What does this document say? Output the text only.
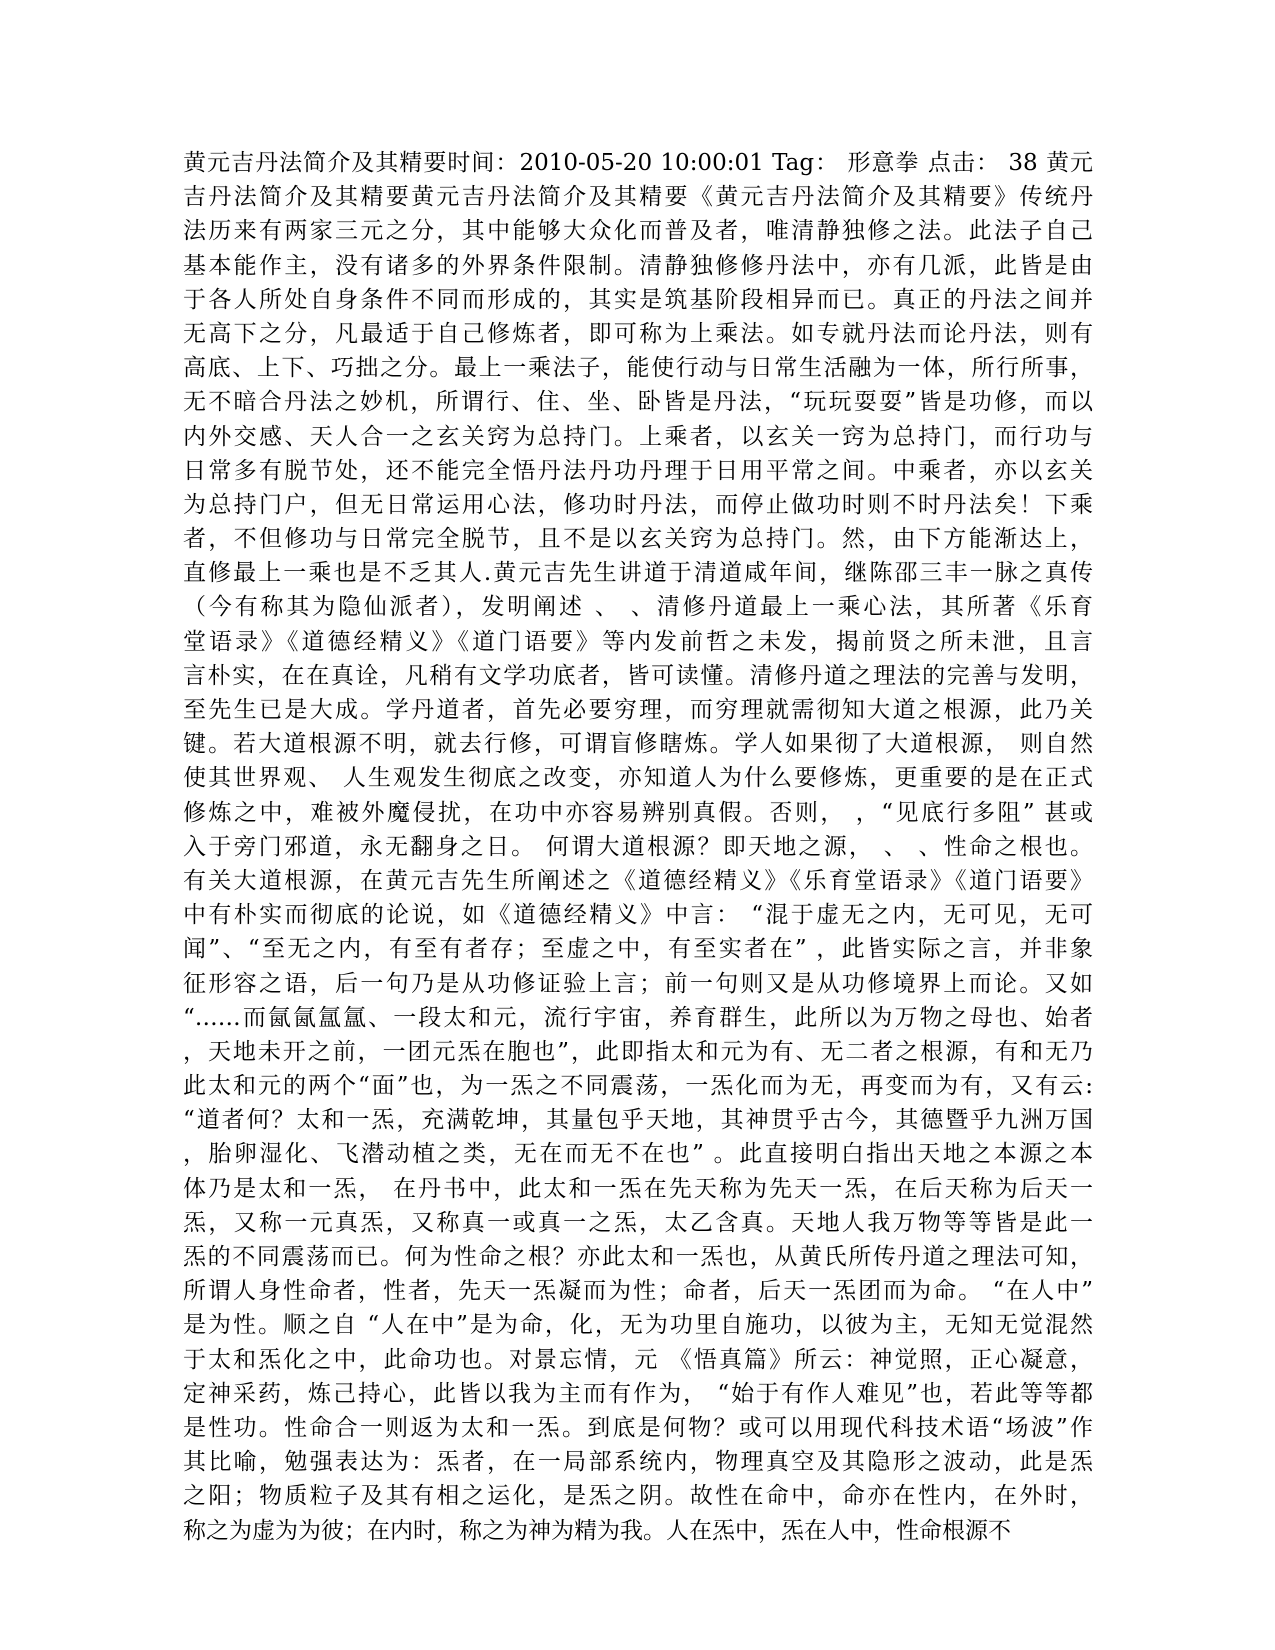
黄元吉丹法简介及其精要时间：2010-05-20 10:00:01 Tag： 形意拳 点击： 38 黄元
吉丹法简介及其精要黄元吉丹法简介及其精要《黄元吉丹法简介及其精要》传统丹
法历来有两家三元之分，其中能够大众化而普及者，唯清静独修之法。此法子自己
基本能作主，没有诸多的外界条件限制。清静独修修丹法中，亦有几派，此皆是由
于各人所处自身条件不同而形成的，其实是筑基阶段相异而已。真正的丹法之间并
无高下之分，凡最适于自己修炼者，即可称为上乘法。如专就丹法而论丹法，则有
高底、上下、巧拙之分。最上一乘法子，能使行动与日常生活融为一体，所行所事，
无不暗合丹法之妙机，所谓行、住、坐、卧皆是丹法，“玩玩耍耍”皆是功修，而以
内外交感、天人合一之玄关窍为总持门。上乘者，以玄关一窍为总持门，而行功与
日常多有脱节处，还不能完全悟丹法丹功丹理于日用平常之间。中乘者，亦以玄关
为总持门户，但无日常运用心法，修功时丹法，而停止做功时则不时丹法矣！下乘
者，不但修功与日常完全脱节，且不是以玄关窍为总持门。然，由下方能渐达上，
直修最上一乘也是不乏其人.黄元吉先生讲道于清道咸年间，继陈邵三丰一脉之真传
（今有称其为隐仙派者），发明阐述 、 、清修丹道最上一乘心法，其所著《乐育
堂语录》《道德经精义》《道门语要》等内发前哲之未发，揭前贤之所未泄，且言
言朴实，在在真诠，凡稍有文学功底者，皆可读懂。清修丹道之理法的完善与发明，
至先生已是大成。学丹道者，首先必要穷理，而穷理就需彻知大道之根源，此乃关
键。若大道根源不明，就去行修，可谓盲修瞎炼。学人如果彻了大道根源， 则自然
使其世界观、 人生观发生彻底之改变，亦知道人为什么要修炼，更重要的是在正式
修炼之中，难被外魔侵扰，在功中亦容易辨别真假。否则， ，“见底行多阻” 甚或
入于旁门邪道，永无翻身之日。 何谓大道根源？即天地之源， 、 、性命之根也。
有关大道根源，在黄元吉先生所阐述之《道德经精义》《乐育堂语录》《道门语要》
中有朴实而彻底的论说，如《道德经精义》中言： “混于虚无之内，无可见，无可
闻”、“至无之内，有至有者存；至虚之中，有至实者在” ，此皆实际之言，并非象
征形容之语，后一句乃是从功修证验上言；前一句则又是从功修境界上而论。又如
“……而氤氤氲氲、一段太和元，流行宇宙，养育群生，此所以为万物之母也、始者
，天地未开之前，一团元炁在胞也”，此即指太和元为有、无二者之根源，有和无乃
此太和元的两个“面”也，为一炁之不同震荡，一炁化而为无，再变而为有，又有云:
“道者何？太和一炁，充满乾坤，其量包乎天地，其神贯乎古今，其德暨乎九洲万国
，胎卵湿化、飞潜动植之类，无在而无不在也” 。此直接明白指出天地之本源之本
体乃是太和一炁， 在丹书中，此太和一炁在先天称为先天一炁，在后天称为后天一
炁，又称一元真炁，又称真一或真一之炁，太乙含真。天地人我万物等等皆是此一
炁的不同震荡而已。何为性命之根？亦此太和一炁也，从黄氏所传丹道之理法可知，
所谓人身性命者，性者，先天一炁凝而为性；命者，后天一炁团而为命。 “在人中”
是为性。顺之自 “人在中”是为命，化，无为功里自施功，以彼为主，无知无觉混然
于太和炁化之中，此命功也。对景忘情，元 《悟真篇》所云：神觉照，正心凝意，
定神采药，炼己持心，此皆以我为主而有作为， “始于有作人难见”也，若此等等都
是性功。性命合一则返为太和一炁。到底是何物？或可以用现代科技术语“场波”作
其比喻，勉强表达为：炁者，在一局部系统内，物理真空及其隐形之波动，此是炁
之阳；物质粒子及其有相之运化，是炁之阴。故性在命中，命亦在性内，在外时，
称之为虚为为彼；在内时，称之为神为精为我。人在炁中，炁在人中，性命根源不
